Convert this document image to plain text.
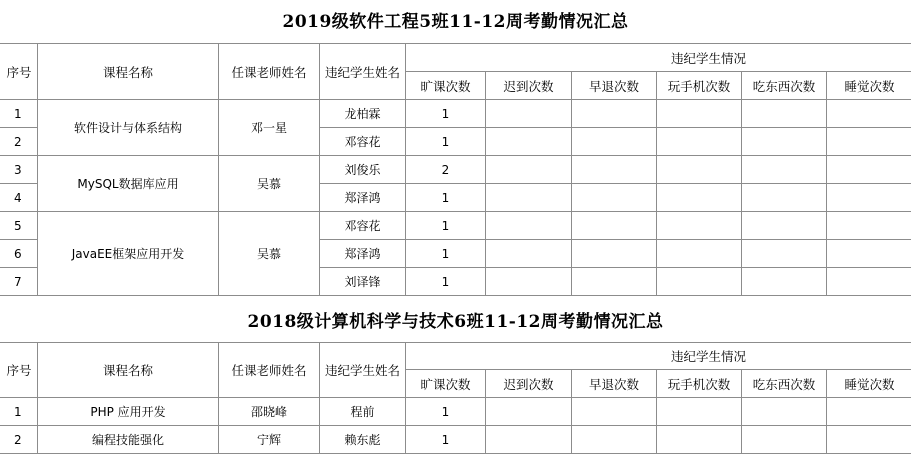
2019级软件工程5班11-12周考勤情况汇总
序号	课程名称	任课老师姓名	违纪学生姓名	违纪学生情况					
				旷课次数	迟到次数	早退次数	玩手机次数	吃东西次数	睡觉次数
1	软件设计与体系结构	邓一星	龙柏霖	1					
2			邓容花	1					
3	MySQL数据库应用	吴慕	刘俊乐	2					
4			郑泽鸿	1					
5	JavaEE框架应用开发	吴慕	邓容花	1					
6			郑泽鸿	1					
7			刘译锋	1					
2018级计算机科学与技术6班11-12周考勤情况汇总
序号	课程名称	任课老师姓名	违纪学生姓名	违纪学生情况					
				旷课次数	迟到次数	早退次数	玩手机次数	吃东西次数	睡觉次数
1	PHP 应用开发	邵晓峰	程前	1					
2	编程技能强化	宁辉	赖东彪	1					
